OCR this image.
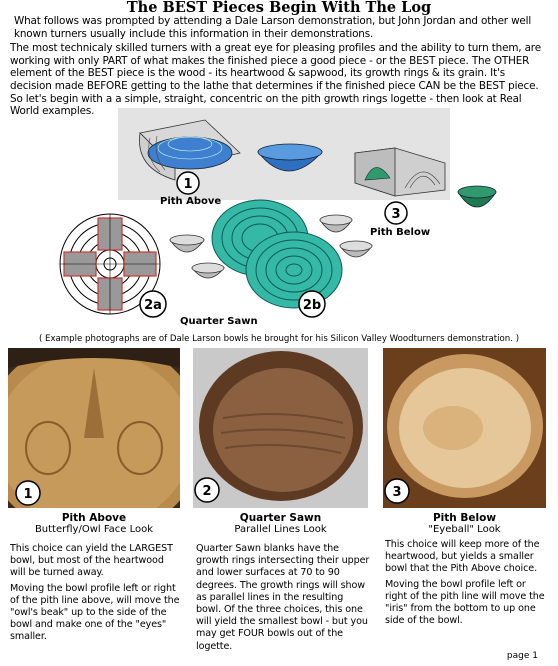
The BEST Pieces Begin With The Log

What follows was prompted by attending a Dale Larson demonstration, but John Jordan and other well known turners usually include this information in their demonstrations.

The most technicaly skilled turners with a great eye for pleasing profiles and the ability to turn them, are working with only PART of what makes the finished piece a good piece - or the BEST piece. The OTHER element of the BEST piece is the wood - its heartwood & sapwood, its growth rings & its grain. It's decision made BEFORE getting to the lathe that determines if the finished piece CAN be the BEST piece. So let's begin with a a simple, straight, concentric on the pith growth rings logette - then look at Real World examples.

1
Pith Above
3
Pith Below
2a	2b
Quarter Sawn
( Example photographs are of Dale Larson bowls he brought for his Silicon Valley Woodturners demonstration. )
1	2	3
Pith Above
Butterfly/Owl Face Look

This choice can yield the LARGEST bowl, but most of the heartwood will be turned away.

Moving the bowl profile left or right of the pith line above, will move the "owl's beak" up to the side of the bowl and make one of the "eyes" smaller.

Quarter Sawn
Parallel Lines Look

Quarter Sawn blanks have the growth rings intersecting their upper and lower surfaces at 70 to 90 degrees. The growth rings will show as parallel lines in the resulting bowl. Of the three choices, this one will yield the smallest bowl - but you may get FOUR bowls out of the logette.

Pith Below
"Eyeball" Look

This choice will keep more of the heartwood, but yields a smaller bowl that the Pith Above choice.

Moving the bowl profile left or right of the pith line will move the "iris" from the bottom to up one side of the bowl.

page 1
